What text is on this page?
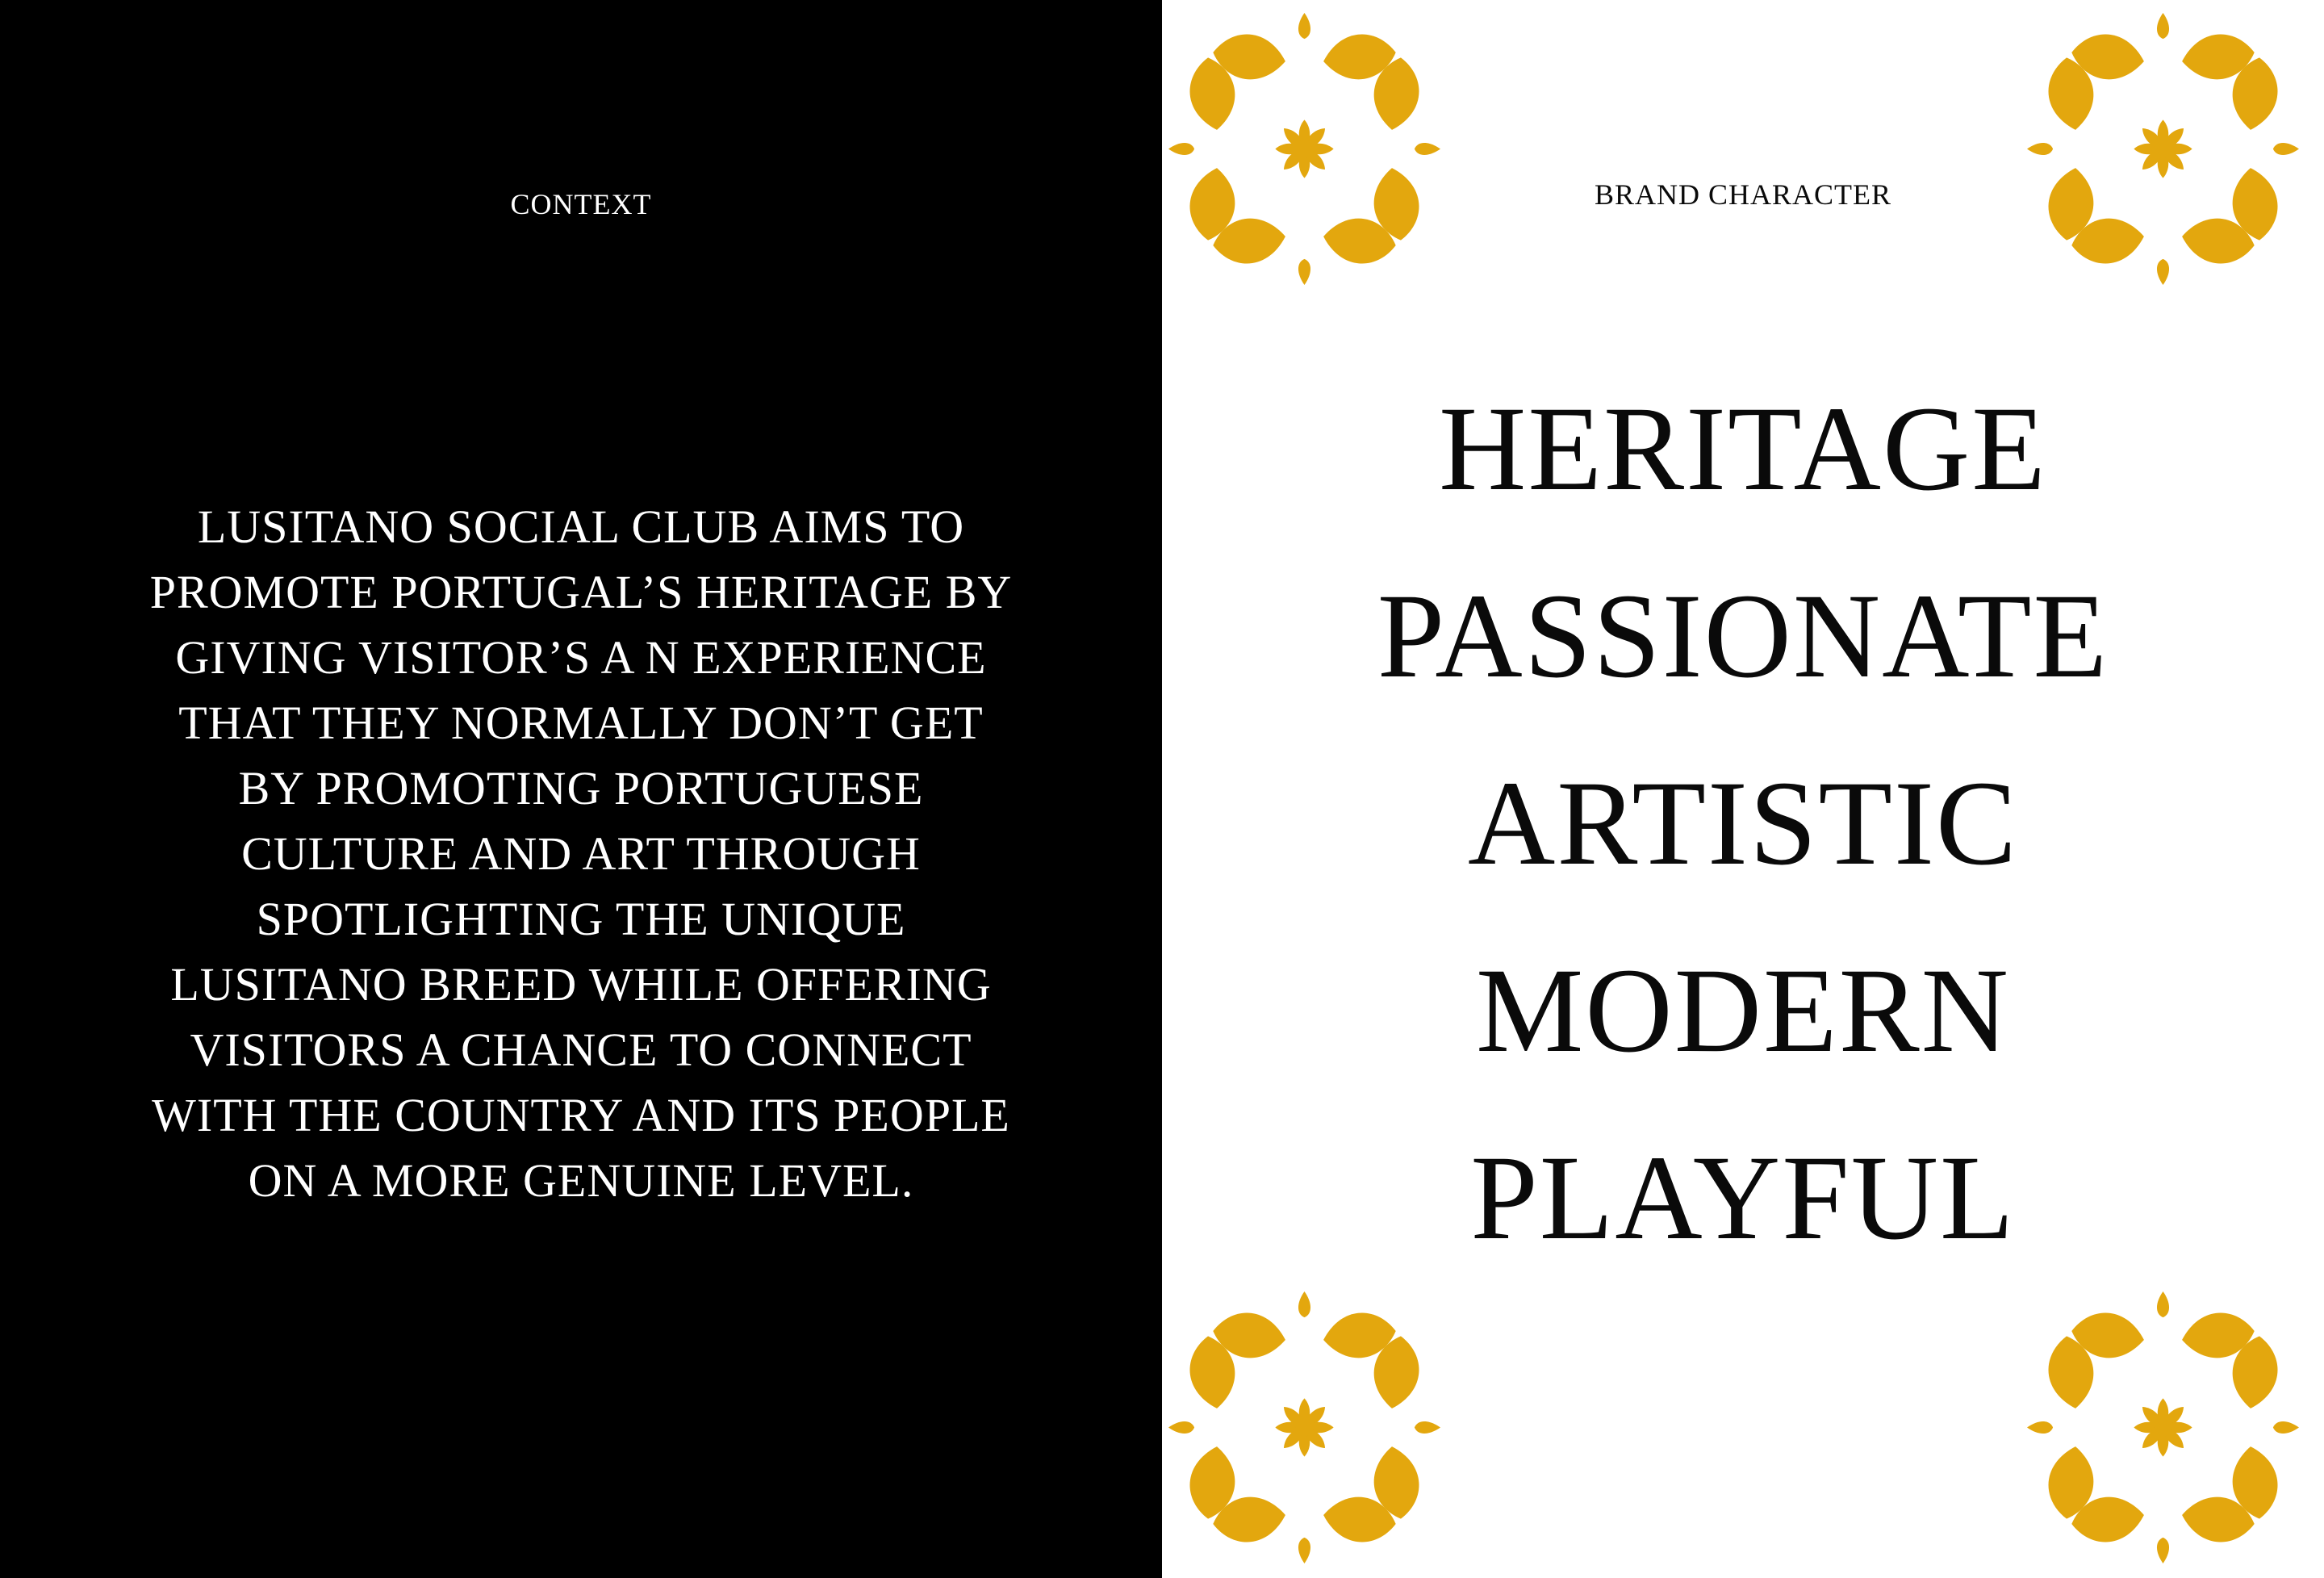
CONTEXT

LUSITANO SOCIAL CLUB AIMS TO
PROMOTE PORTUGAL’S HERITAGE BY
GIVING VISITOR’S A N EXPERIENCE
THAT THEY NORMALLY DON’T GET
BY PROMOTING PORTUGUESE
CULTURE AND ART THROUGH
SPOTLIGHTING THE UNIQUE
LUSITANO BREED WHILE OFFERING
VISITORS A CHANCE TO CONNECT
WITH THE COUNTRY AND ITS PEOPLE
ON A MORE GENUINE LEVEL.

BRAND CHARACTER
HERITAGE
PASSIONATE
ARTISTIC
MODERN
PLAYFUL
